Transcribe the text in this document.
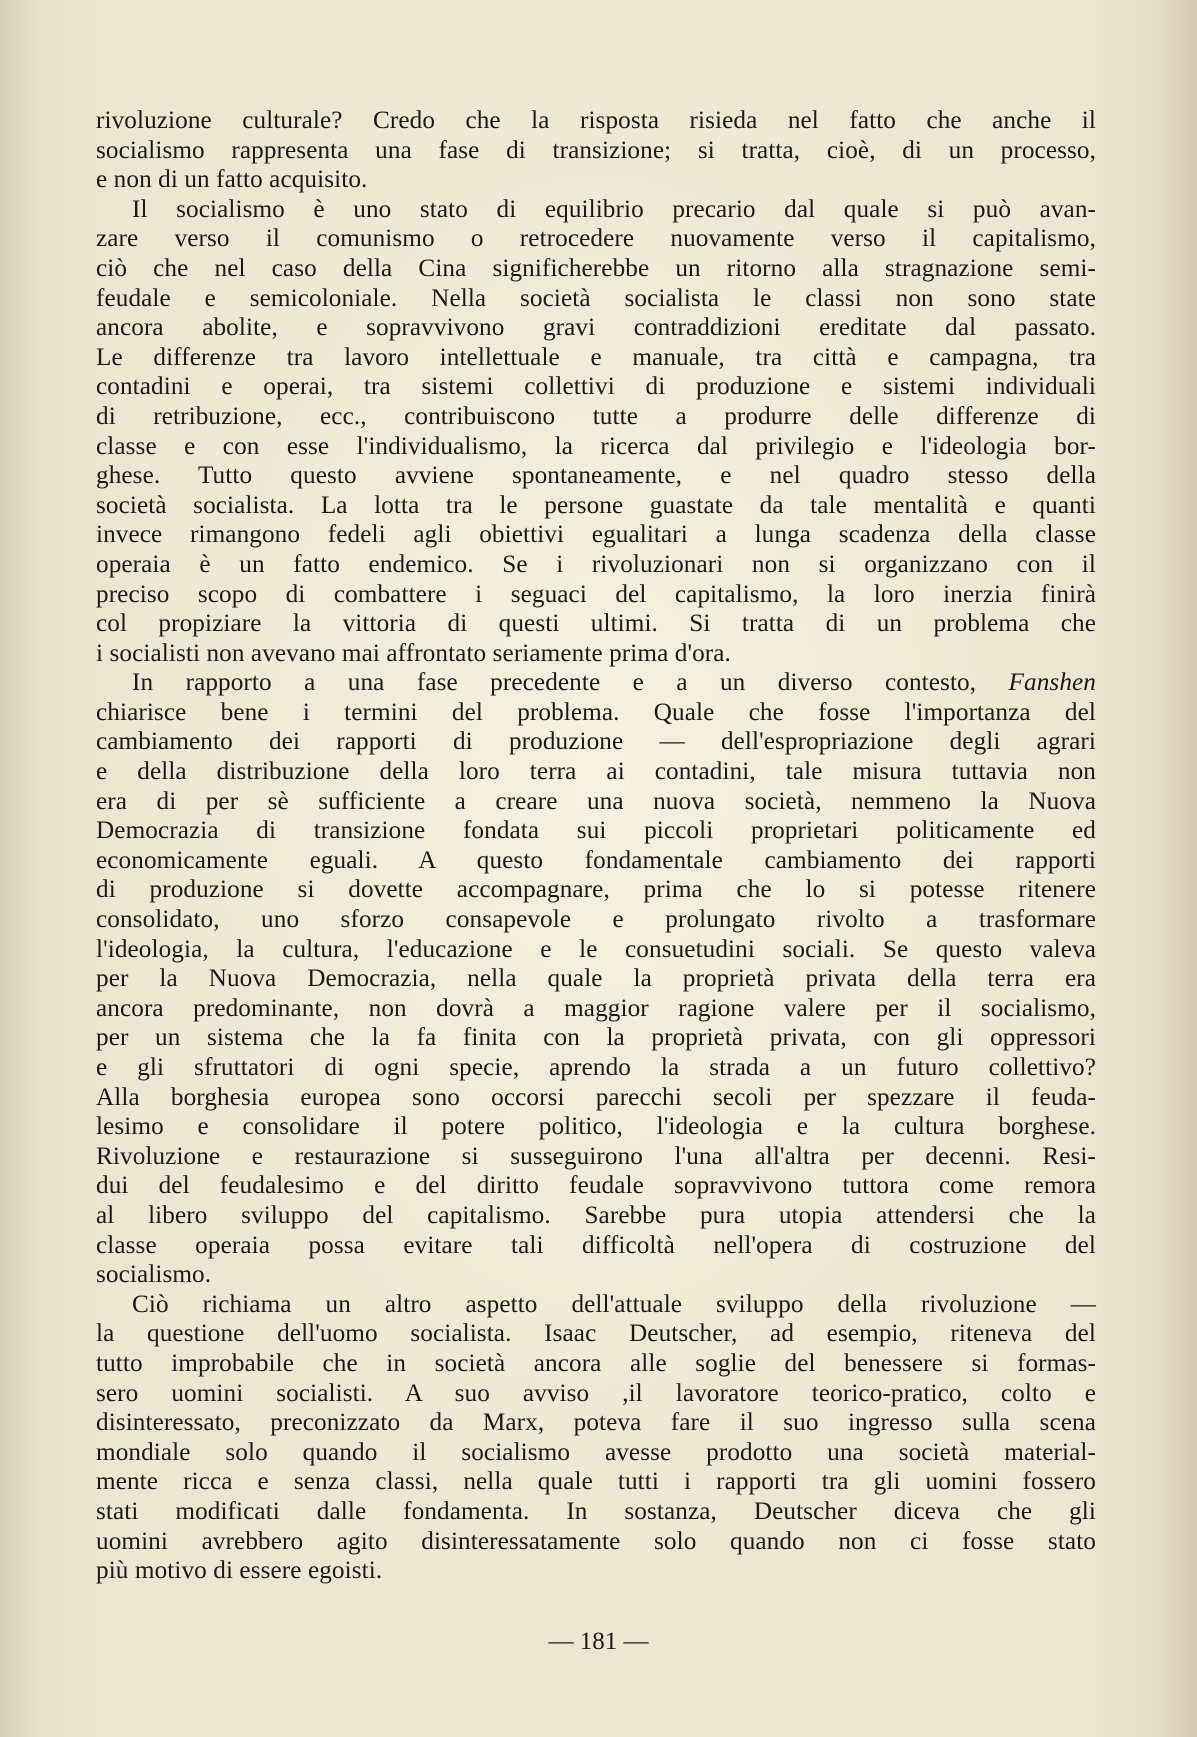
rivoluzione culturale? Credo che la risposta risieda nel fatto che anche il
socialismo rappresenta una fase di transizione; si tratta, cioè, di un processo,
e non di un fatto acquisito.
Il socialismo è uno stato di equilibrio precario dal quale si può avan-
zare verso il comunismo o retrocedere nuovamente verso il capitalismo,
ciò che nel caso della Cina significherebbe un ritorno alla stragnazione semi-
feudale e semicoloniale. Nella società socialista le classi non sono state
ancora abolite, e sopravvivono gravi contraddizioni ereditate dal passato.
Le differenze tra lavoro intellettuale e manuale, tra città e campagna, tra
contadini e operai, tra sistemi collettivi di produzione e sistemi individuali
di retribuzione, ecc., contribuiscono tutte a produrre delle differenze di
classe e con esse l'individualismo, la ricerca dal privilegio e l'ideologia bor-
ghese. Tutto questo avviene spontaneamente, e nel quadro stesso della
società socialista. La lotta tra le persone guastate da tale mentalità e quanti
invece rimangono fedeli agli obiettivi egualitari a lunga scadenza della classe
operaia è un fatto endemico. Se i rivoluzionari non si organizzano con il
preciso scopo di combattere i seguaci del capitalismo, la loro inerzia finirà
col propiziare la vittoria di questi ultimi. Si tratta di un problema che
i socialisti non avevano mai affrontato seriamente prima d'ora.
In rapporto a una fase precedente e a un diverso contesto, Fanshen
chiarisce bene i termini del problema. Quale che fosse l'importanza del
cambiamento dei rapporti di produzione — dell'espropriazione degli agrari
e della distribuzione della loro terra ai contadini, tale misura tuttavia non
era di per sè sufficiente a creare una nuova società, nemmeno la Nuova
Democrazia di transizione fondata sui piccoli proprietari politicamente ed
economicamente eguali. A questo fondamentale cambiamento dei rapporti
di produzione si dovette accompagnare, prima che lo si potesse ritenere
consolidato, uno sforzo consapevole e prolungato rivolto a trasformare
l'ideologia, la cultura, l'educazione e le consuetudini sociali. Se questo valeva
per la Nuova Democrazia, nella quale la proprietà privata della terra era
ancora predominante, non dovrà a maggior ragione valere per il socialismo,
per un sistema che la fa finita con la proprietà privata, con gli oppressori
e gli sfruttatori di ogni specie, aprendo la strada a un futuro collettivo?
Alla borghesia europea sono occorsi parecchi secoli per spezzare il feuda-
lesimo e consolidare il potere politico, l'ideologia e la cultura borghese.
Rivoluzione e restaurazione si susseguirono l'una all'altra per decenni. Resi-
dui del feudalesimo e del diritto feudale sopravvivono tuttora come remora
al libero sviluppo del capitalismo. Sarebbe pura utopia attendersi che la
classe operaia possa evitare tali difficoltà nell'opera di costruzione del
socialismo.
Ciò richiama un altro aspetto dell'attuale sviluppo della rivoluzione —
la questione dell'uomo socialista. Isaac Deutscher, ad esempio, riteneva del
tutto improbabile che in società ancora alle soglie del benessere si formas-
sero uomini socialisti. A suo avviso ,il lavoratore teorico-pratico, colto e
disinteressato, preconizzato da Marx, poteva fare il suo ingresso sulla scena
mondiale solo quando il socialismo avesse prodotto una società material-
mente ricca e senza classi, nella quale tutti i rapporti tra gli uomini fossero
stati modificati dalle fondamenta. In sostanza, Deutscher diceva che gli
uomini avrebbero agito disinteressatamente solo quando non ci fosse stato
più motivo di essere egoisti.
— 181 —
